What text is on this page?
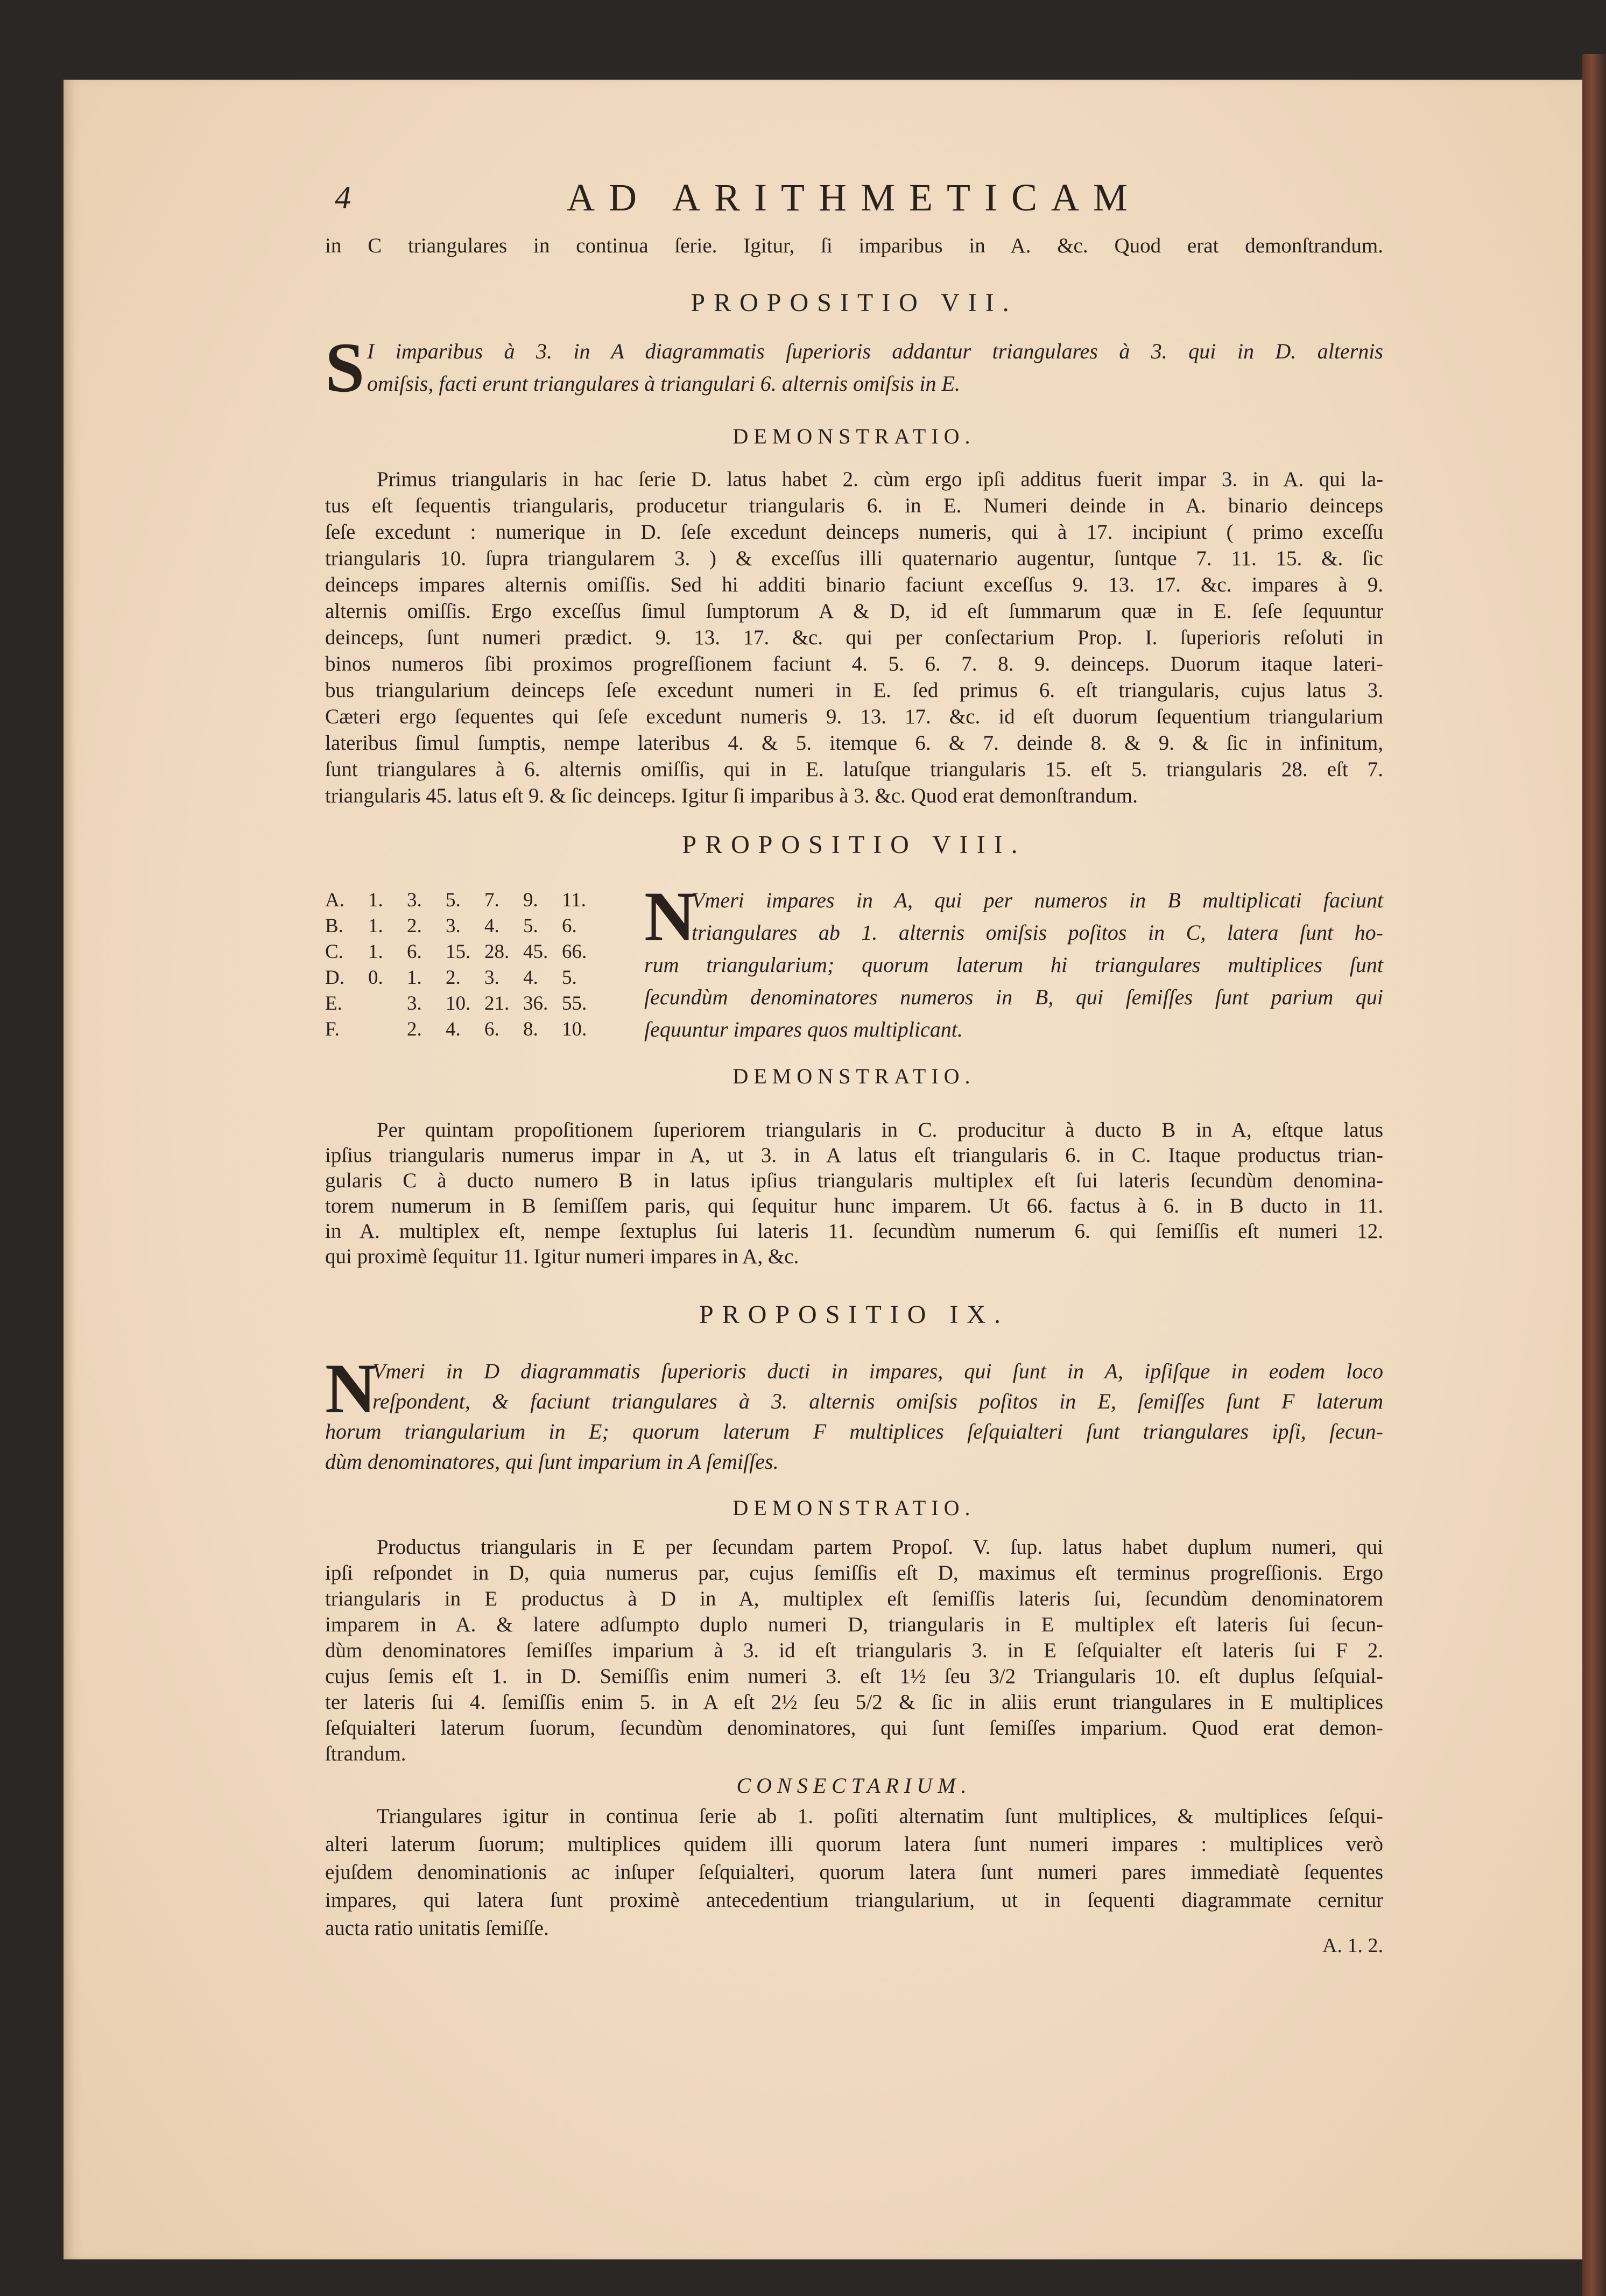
4	AD ARITHMETICAM
in C triangulares in continua ſerie. Igitur, ſi imparibus in A. &c. Quod erat demonſtrandum.
PROPOSITIO VII.
S I imparibus à 3. in A diagrammatis ſuperioris addantur triangulares à 3. qui in D. alternis
omiſsis, facti erunt triangulares à triangulari 6. alternis omiſsis in E.
DEMONSTRATIO.
Primus triangularis in hac ſerie D. latus habet 2. cùm ergo ipſi additus fuerit impar 3. in A. qui la-
tus eſt ſequentis triangularis, producetur triangularis 6. in E. Numeri deinde in A. binario deinceps
ſeſe excedunt : numerique in D. ſeſe excedunt deinceps numeris, qui à 17. incipiunt ( primo exceſſu
triangularis 10. ſupra triangularem 3. ) & exceſſus illi quaternario augentur, ſuntque 7. 11. 15. &. ſic
deinceps impares alternis omiſſis. Sed hi additi binario faciunt exceſſus 9. 13. 17. &c. impares à 9.
alternis omiſſis. Ergo exceſſus ſimul ſumptorum A & D, id eſt ſummarum quæ in E. ſeſe ſequuntur
deinceps, ſunt numeri prædict. 9. 13. 17. &c. qui per conſectarium Prop. I. ſuperioris reſoluti in
binos numeros ſibi proximos progreſſionem faciunt 4. 5. 6. 7. 8. 9. deinceps. Duorum itaque lateri-
bus triangularium deinceps ſeſe excedunt numeri in E. ſed primus 6. eſt triangularis, cujus latus 3.
Cæteri ergo ſequentes qui ſeſe excedunt numeris 9. 13. 17. &c. id eſt duorum ſequentium triangularium
lateribus ſimul ſumptis, nempe lateribus 4. & 5. itemque 6. & 7. deinde 8. & 9. & ſic in infinitum,
ſunt triangulares à 6. alternis omiſſis, qui in E. latuſque triangularis 15. eſt 5. triangularis 28. eſt 7.
triangularis 45. latus eſt 9. & ſic deinceps. Igitur ſi imparibus à 3. &c. Quod erat demonſtrandum.
PROPOSITIO VIII.
A.	1.	3.	5.	7.	9.	11.
B.	1.	2.	3.	4.	5.	6.
C.	1.	6.	15.	28.	45.	66.
D.	0.	1.	2.	3.	4.	5.
E.		3.	10.	21.	36.	55.
F.		2.	4.	6.	8.	10.
N
Vmeri impares in A, qui per numeros in B multiplicati faciunt
triangulares ab 1. alternis omiſsis poſitos in C, latera ſunt ho-
rum triangularium; quorum laterum hi triangulares multiplices ſunt
ſecundùm denominatores numeros in B, qui ſemiſſes ſunt parium qui
ſequuntur impares quos multiplicant.
DEMONSTRATIO.
Per quintam propoſitionem ſuperiorem triangularis in C. producitur à ducto B in A, eſtque latus
ipſius triangularis numerus impar in A, ut 3. in A latus eſt triangularis 6. in C. Itaque productus trian-
gularis C à ducto numero B in latus ipſius triangularis multiplex eſt ſui lateris ſecundùm denomina-
torem numerum in B ſemiſſem paris, qui ſequitur hunc imparem. Ut 66. factus à 6. in B ducto in 11.
in A. multiplex eſt, nempe ſextuplus ſui lateris 11. ſecundùm numerum 6. qui ſemiſſis eſt numeri 12.
qui proximè ſequitur 11. Igitur numeri impares in A, &c.
PROPOSITIO IX.
N
Vmeri in D diagrammatis ſuperioris ducti in impares, qui ſunt in A, ipſiſque in eodem loco
reſpondent, & faciunt triangulares à 3. alternis omiſsis poſitos in E, ſemiſſes ſunt F laterum
horum triangularium in E; quorum laterum F multiplices ſeſquialteri ſunt triangulares ipſi, ſecun-
dùm denominatores, qui ſunt imparium in A ſemiſſes.
DEMONSTRATIO.
Productus triangularis in E per ſecundam partem Propoſ. V. ſup. latus habet duplum numeri, qui
ipſi reſpondet in D, quia numerus par, cujus ſemiſſis eſt D, maximus eſt terminus progreſſionis. Ergo
triangularis in E productus à D in A, multiplex eſt ſemiſſis lateris ſui, ſecundùm denominatorem
imparem in A. & latere adſumpto duplo numeri D, triangularis in E multiplex eſt lateris ſui ſecun-
dùm denominatores ſemiſſes imparium à 3. id eſt triangularis 3. in E ſeſquialter eſt lateris ſui F 2.
cujus ſemis eſt 1. in D. Semiſſis enim numeri 3. eſt 1½ ſeu 3/2 Triangularis 10. eſt duplus ſeſquial-
ter lateris ſui 4. ſemiſſis enim 5. in A eſt 2½ ſeu 5/2 & ſic in aliis erunt triangulares in E multiplices
ſeſquialteri laterum ſuorum, ſecundùm denominatores, qui ſunt ſemiſſes imparium. Quod erat demon-
ſtrandum.
CONSECTARIUM.
Triangulares igitur in continua ſerie ab 1. poſiti alternatim ſunt multiplices, & multiplices ſeſqui-
alteri laterum ſuorum; multiplices quidem illi quorum latera ſunt numeri impares : multiplices verò
ejuſdem denominationis ac inſuper ſeſquialteri, quorum latera ſunt numeri pares immediatè ſequentes
impares, qui latera ſunt proximè antecedentium triangularium, ut in ſequenti diagrammate cernitur
aucta ratio unitatis ſemiſſe.
A. 1. 2.
